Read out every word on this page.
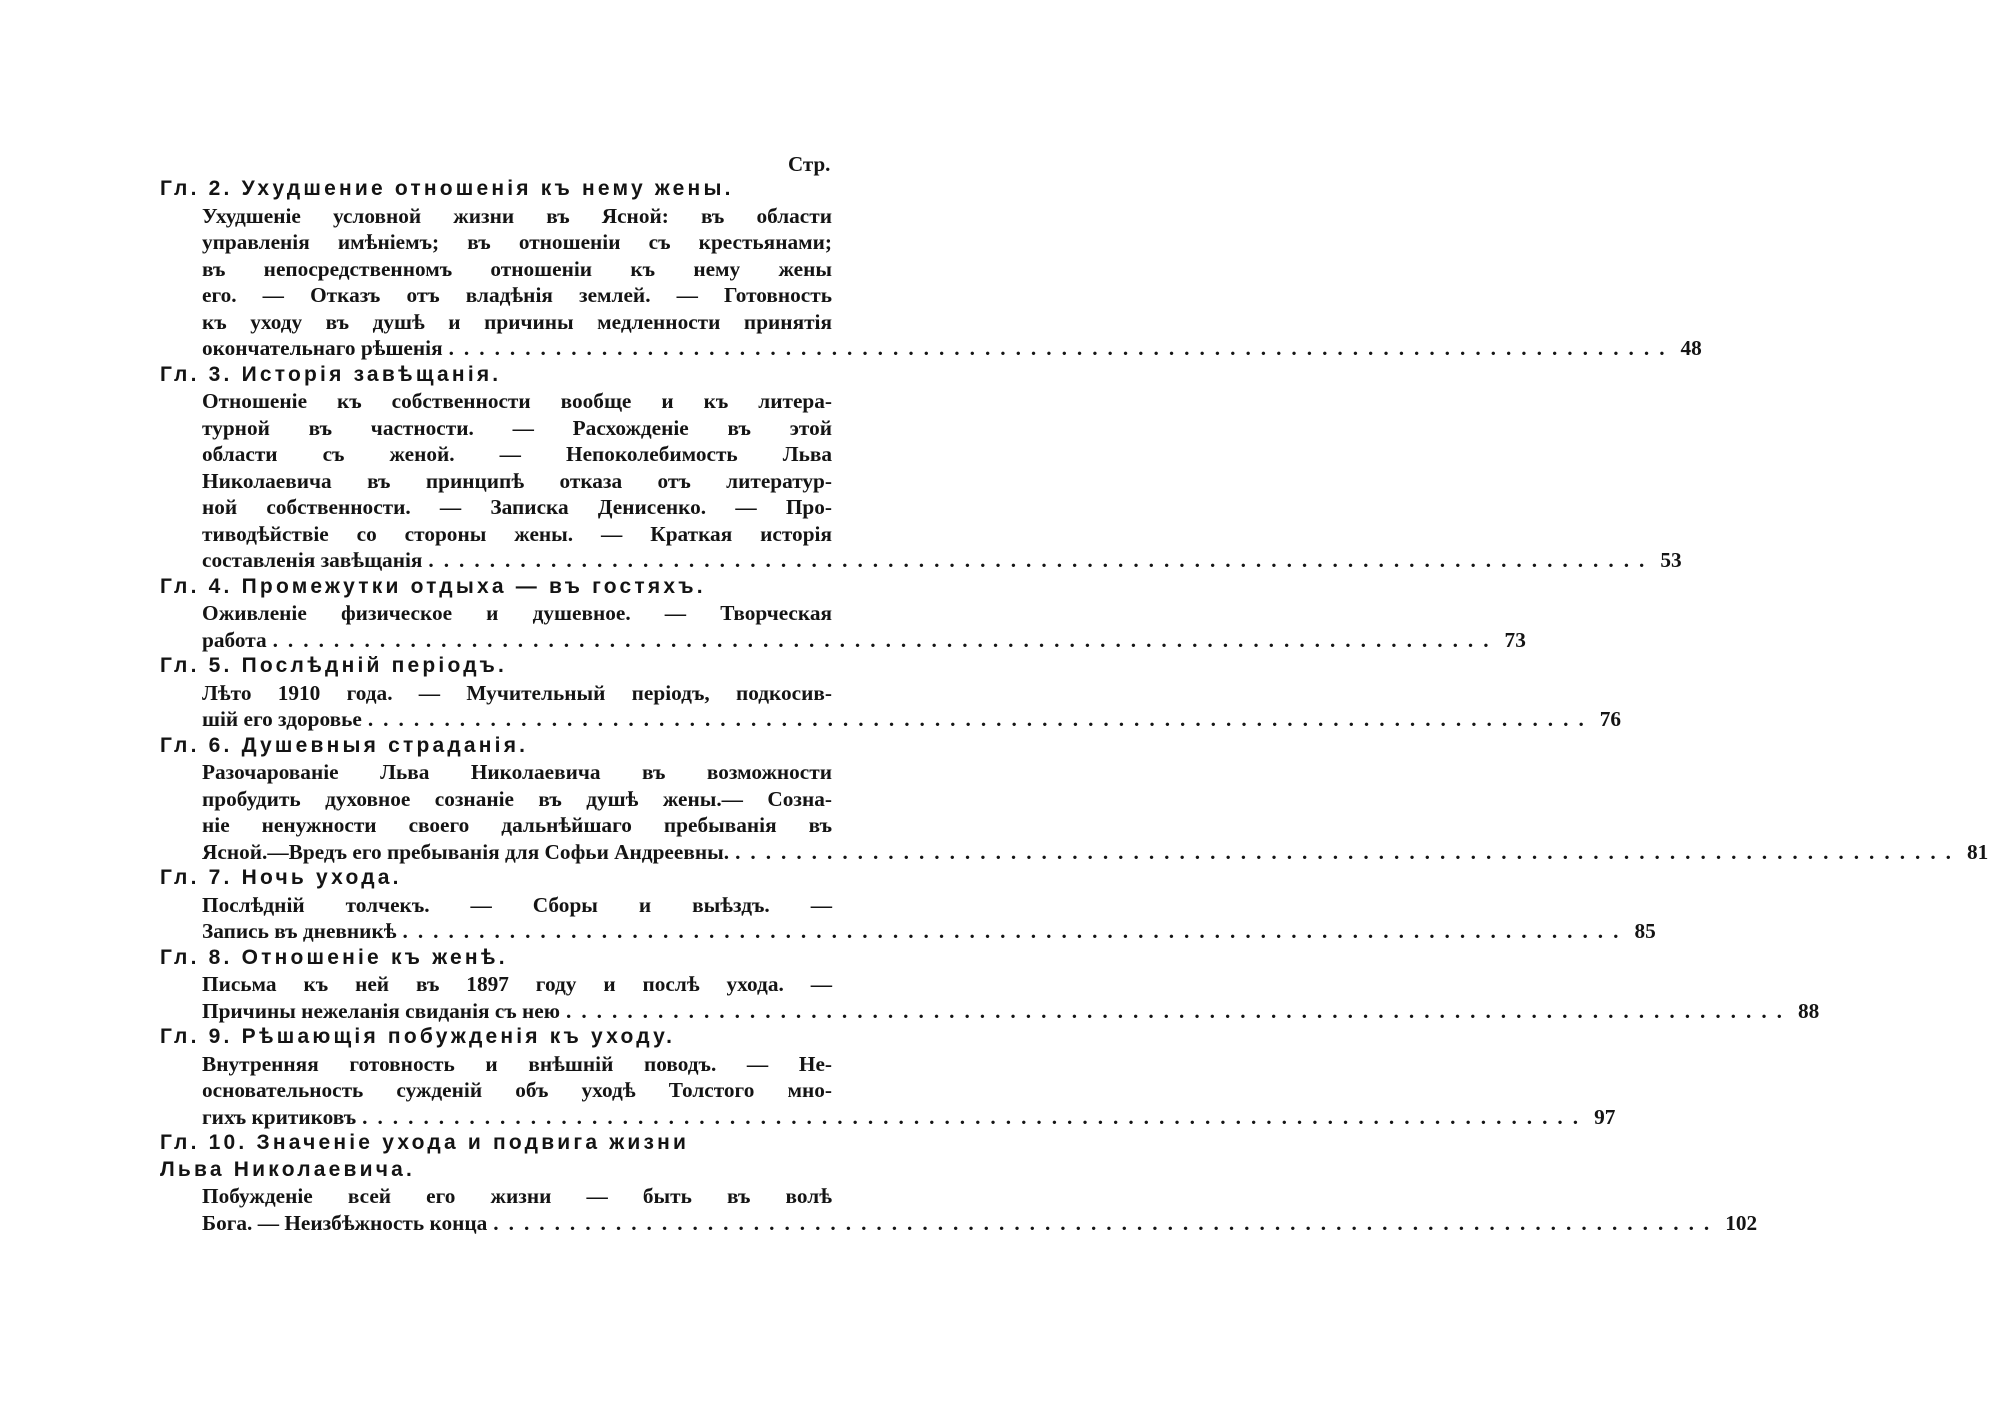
Стр.
Гл. 2. Ухудшение отношенія къ нему жены.
Ухудшеніе условной жизни въ Ясной: въ области
управленія имѣніемъ; въ отношеніи съ крестьянами;
въ непосредственномъ отношеніи къ нему жены
его. — Отказъ отъ владѣнія землей. — Готовность
къ уходу въ душѣ и причины медленности принятія
окончательнаго рѣшенія ................................................................................ 48
Гл. 3. Исторія завѣщанія.
Отношеніе къ собственности вообще и къ литера-
турной въ частности. — Расхожденіе въ этой
области съ женой. — Непоколебимость Льва
Николаевича въ принципѣ отказа отъ литератур-
ной собственности. — Записка Денисенко. — Про-
тиводѣйствіе со стороны жены. — Краткая исторія
составленія завѣщанія ................................................................................ 53
Гл. 4. Промежутки отдыха — въ гостяхъ.
Оживленіе физическое и душевное. — Творческая
работа ................................................................................ 73
Гл. 5. Послѣдній періодъ.
Лѣто 1910 года. — Мучительный періодъ, подкосив-
шій его здоровье ................................................................................ 76
Гл. 6. Душевныя страданія.
Разочарованіе Льва Николаевича въ возможности
пробудить духовное сознаніе въ душѣ жены.— Созна-
ніе ненужности своего дальнѣйшаго пребыванія въ
Ясной.—Вредъ его пребыванія для Софьи Андреевны. ................................................................................ 81
Гл. 7. Ночь ухода.
Послѣдній толчекъ. — Сборы и выѣздъ. —
Запись въ дневникѣ ................................................................................ 85
Гл. 8. Отношеніе къ женѣ.
Письма къ ней въ 1897 году и послѣ ухода. —
Причины нежеланія свиданія съ нею ................................................................................ 88
Гл. 9. Рѣшающія побужденія къ уходу.
Внутренняя готовность и внѣшній поводъ. — Не-
основательность сужденій объ уходѣ Толстого мно-
гихъ критиковъ ................................................................................ 97
Гл. 10. Значеніе ухода и подвига жизни
Льва Николаевича.
Побужденіе всей его жизни — быть въ волѣ
Бога. — Неизбѣжность конца ................................................................................ 102
